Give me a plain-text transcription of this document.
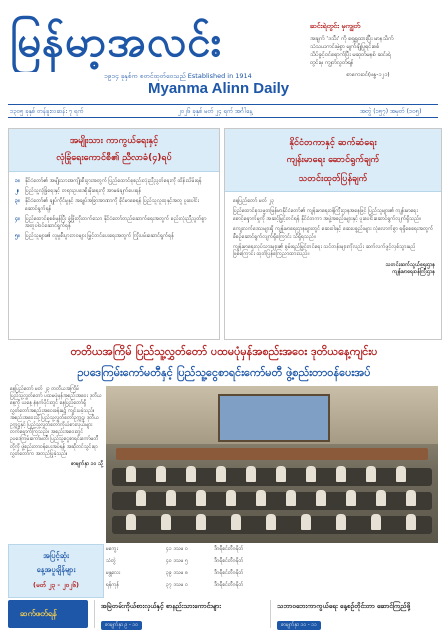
မြန်မာ့အလင်း
၁၉၁၄ ခုနှစ်က စတင်ထုတ်ဝေသည် Established in 1914
Myanma Alinn Daily
၁၃၀၅ ခုနှစ် တန်ခူးလဆန်း ၇ ရက်	၂၀၂၆ ခုနှစ် မတ် ၂၄ ရက် အင်္ဂါနေ့	အတွဲ (၁၅၇) အမှတ် (၁၀၅)
ဆင်းရဲတွင်း မှကျွတ်
အချက် 'ဒသီး' ကို ရှေ့ရှုထားပြီး မာနသိက်
သံသယကင်းမဲ့စွာ မျက်ချိုပြုရင်းစစ်
သိပ်ခွင့်ဝင်ရောက်ပြီး မဆုတ်မနစ် ဆင်းရဲ
တွင်းမှ ကျွတ်လွတ်ရန်
စာကေးဝင်(ဗန္ဓ-၁၂၁)
အမျိုးသား ကာကွယ်ရေးနှင့်
လုံခြုံရေးကောင်စီ၏ ညီလာခံ(၄)ရပ်
၁။ နိုင်ငံတော်၏ အမျိုးသားအကျိုးစီးပွားအတွက် ပြည်ထောင်စုစည်းလုံးညီညွတ်ရေးကို ထိန်းသိမ်းရန်
၂။ ပြည်သူ့လုံခြုံရေးနှင့် တရားဥပဒေစိုးမိုးရေးကို အာမခံချက်ပေးရန်
၃။ နိုင်ငံတော်၏ ချုပ်ကိုင်မှုနှင့် အချုပ်အခြာအာဏာကို ခိုင်မာစေရန် ပြည်သူလူထုနှင့်အတူ ပူးပေါင်းဆောင်ရွက်ရန်
၄။ ပြည်ထောင်စုစစ်မှန်ပြီး ဖွံ့ဖြိုးတိုးတက်သော နိုင်ငံတော်တည်ဆောက်ရေးအတွက် စည်းလုံးညီညွတ်စွာ အတူပါဝင်ဆောင်ရွက်ရန်
၅။ ပြည်သူများ၏ လူမှုစီးပွားဘဝများ မြှင့်တင်ပေးရေးအတွက် ကြိုးပမ်းဆောင်ရွက်ရန်
နိုင်ငံတကာနှင့် ဆက်ဆံရေး
ကျန်းမာရေး ဆောင်ရွက်ချက်
သတင်းထုတ်ပြန်ချက်
နေပြည်တော် မတ် ၂၃
ပြည်ထောင်စုသမ္မတမြန်မာနိုင်ငံတော်၏ ကျန်းမာရေးဝန်ကြီးဌာနအနေဖြင့် ပြည်သူများ၏ ကျန်းမာရေးစောင့်ရှောက်မှုကို အဆင့်မြှင့်တင်ရန် နိုင်ငံတကာ အဖွဲ့အစည်းများနှင့် ပူးပေါင်းဆောင်ရွက်လျက်ရှိသည်။
ကျေးလက်ဒေသများရှိ ကျန်းမာရေးဌာနများတွင် ဆေးဝါးနှင့် ဆေးပစ္စည်းများ လုံလောက်စွာ ရရှိစေရေးအတွက် စီစဉ်ဆောင်ရွက်လျက်ရှိကြောင်း သိရှိရသည်။
ကျန်းမာရေးလုပ်သားများ၏ စွမ်းရည်မြှင့်တင်ရေး သင်တန်းများကိုလည်း ဆက်လက်ဖွင့်လှစ်သွားမည် ဖြစ်ကြောင်း ထုတ်ပြန်ကြေညာထားသည်။
သတင်းဆက်သွယ်ရေးဌာန
ကျန်းမာရေးဝန်ကြီးဌာန
တတိယအကြိမ် ပြည်သူ့လွှတ်တော် ပထမပုံမှန်အစည်းအဝေး ဒုတိယနေ့ကျင်းပ
ဥပဒေကြမ်းကော်မတီနှင့် ပြည်သူ့ငွေစာရင်းကော်မတီ ဖွဲ့စည်းတာဝန်ပေးအပ်

နေပြည်တော် မတ် ၂၃ တတိယအကြိမ် ပြည်သူ့လွှတ်တော် ပထမပုံမှန်အစည်းအဝေး ဒုတိယနေ့ကို ယနေ့ နံနက်ပိုင်းတွင် နေပြည်တော်ရှိ လွှတ်တော်အစည်းအဝေးခန်းမ၌ ကျင်းပခဲ့သည်။ အစည်းအဝေးသို့ ပြည်သူ့လွှတ်တော်ဥက္ကဋ္ဌ၊ ဒုတိယဥက္ကဋ္ဌနှင့် ပြည်သူ့လွှတ်တော်ကိုယ်စားလှယ်များ တက်ရောက်ကြသည်။ အစည်းအဝေးတွင် ဥပဒေကြမ်းကော်မတီ၊ ပြည်သူ့ငွေစာရင်းကော်မတီတို့ကို ဖွဲ့စည်းတာဝန်ပေးအပ်ရန် အဆိုတင်သွင်းရာ လွှတ်တော်က အတည်ပြုခဲ့သည်။

စာမျက်နှာ ၁၀ သို့

အပြင့်ဆုံး
နေ့အပူချိန်များ
(မတ် ၂၃ - ၂၀၂၆)
မကွေး	၄၁ ဒသမ ၀	ဒီဂရီစင်တီဂရိတ်
သံတွဲ	၄၀ ဒသမ ၅	ဒီဂရီစင်တီဂရိတ်
မန္တလေး	၃၉ ဒသမ ၈	ဒီဂရီစင်တီဂရိတ်
ရန်ကုန်	၃၇ ဒသမ ၀	ဒီဂရီစင်တီဂရိတ်
ဆက်ဖတ်ရန်
အမြဲတမ်းကိုယ်စားလှယ်နှင့် စာနည်းသားကောင်းများ
စာမျက်နှာ ၉ - ၁၀
သဘာဝဘေးကာကွယ်ရေး နေ့စဉ်တိုင်းတာ ဆောင်ကြည်ဖို့
စာမျက်နှာ ၁၀ - ၁၁
